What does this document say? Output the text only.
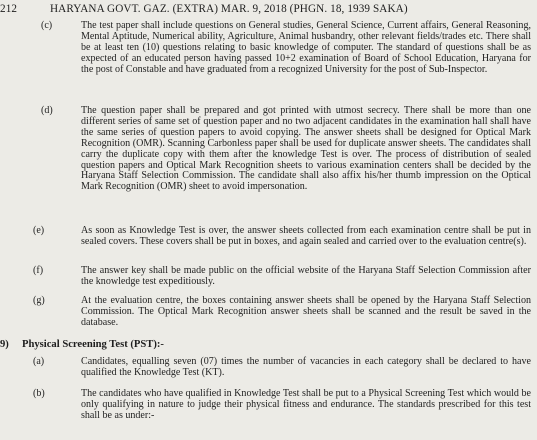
212	HARYANA GOVT. GAZ. (EXTRA) MAR. 9, 2018 (PHGN. 18, 1939 SAKA)
(c)	The test paper shall include questions on General studies, General Science, Current affairs, General Reasoning, Mental Aptitude, Numerical ability, Agriculture, Animal husbandry, other relevant fields/trades etc. There shall be at least ten (10) questions relating to basic knowledge of computer. The standard of questions shall be as expected of an educated person having passed 10+2 examination of Board of School Education, Haryana for the post of Constable and have graduated from a recognized University for the post of Sub-Inspector.

(d)	The question paper shall be prepared and got printed with utmost secrecy. There shall be more than one different series of same set of question paper and no two adjacent candidates in the examination hall shall have the same series of question papers to avoid copying. The answer sheets shall be designed for Optical Mark Recognition (OMR). Scanning Carbonless paper shall be used for duplicate answer sheets. The candidates shall carry the duplicate copy with them after the knowledge Test is over. The process of distribution of sealed question papers and Optical Mark Recognition sheets to various examination centers shall be decided by the Haryana Staff Selection Commission. The candidate shall also affix his/her thumb impression on the Optical Mark Recognition (OMR) sheet to avoid impersonation.

(e)	As soon as Knowledge Test is over, the answer sheets collected from each examination centre shall be put in sealed covers. These covers shall be put in boxes, and again sealed and carried over to the evaluation centre(s).

(f)	The answer key shall be made public on the official website of the Haryana Staff Selection Commission after the knowledge test expeditiously.

(g)	At the evaluation centre, the boxes containing answer sheets shall be opened by the Haryana Staff Selection Commission. The Optical Mark Recognition answer sheets shall be scanned and the result be saved in the database.

9) Physical Screening Test (PST):-
(a)	Candidates, equalling seven (07) times the number of vacancies in each category shall be declared to have qualified the Knowledge Test (KT).

(b)	The candidates who have qualified in Knowledge Test shall be put to a Physical Screening Test which would be only qualifying in nature to judge their physical fitness and endurance. The standards prescribed for this test shall be as under:-
